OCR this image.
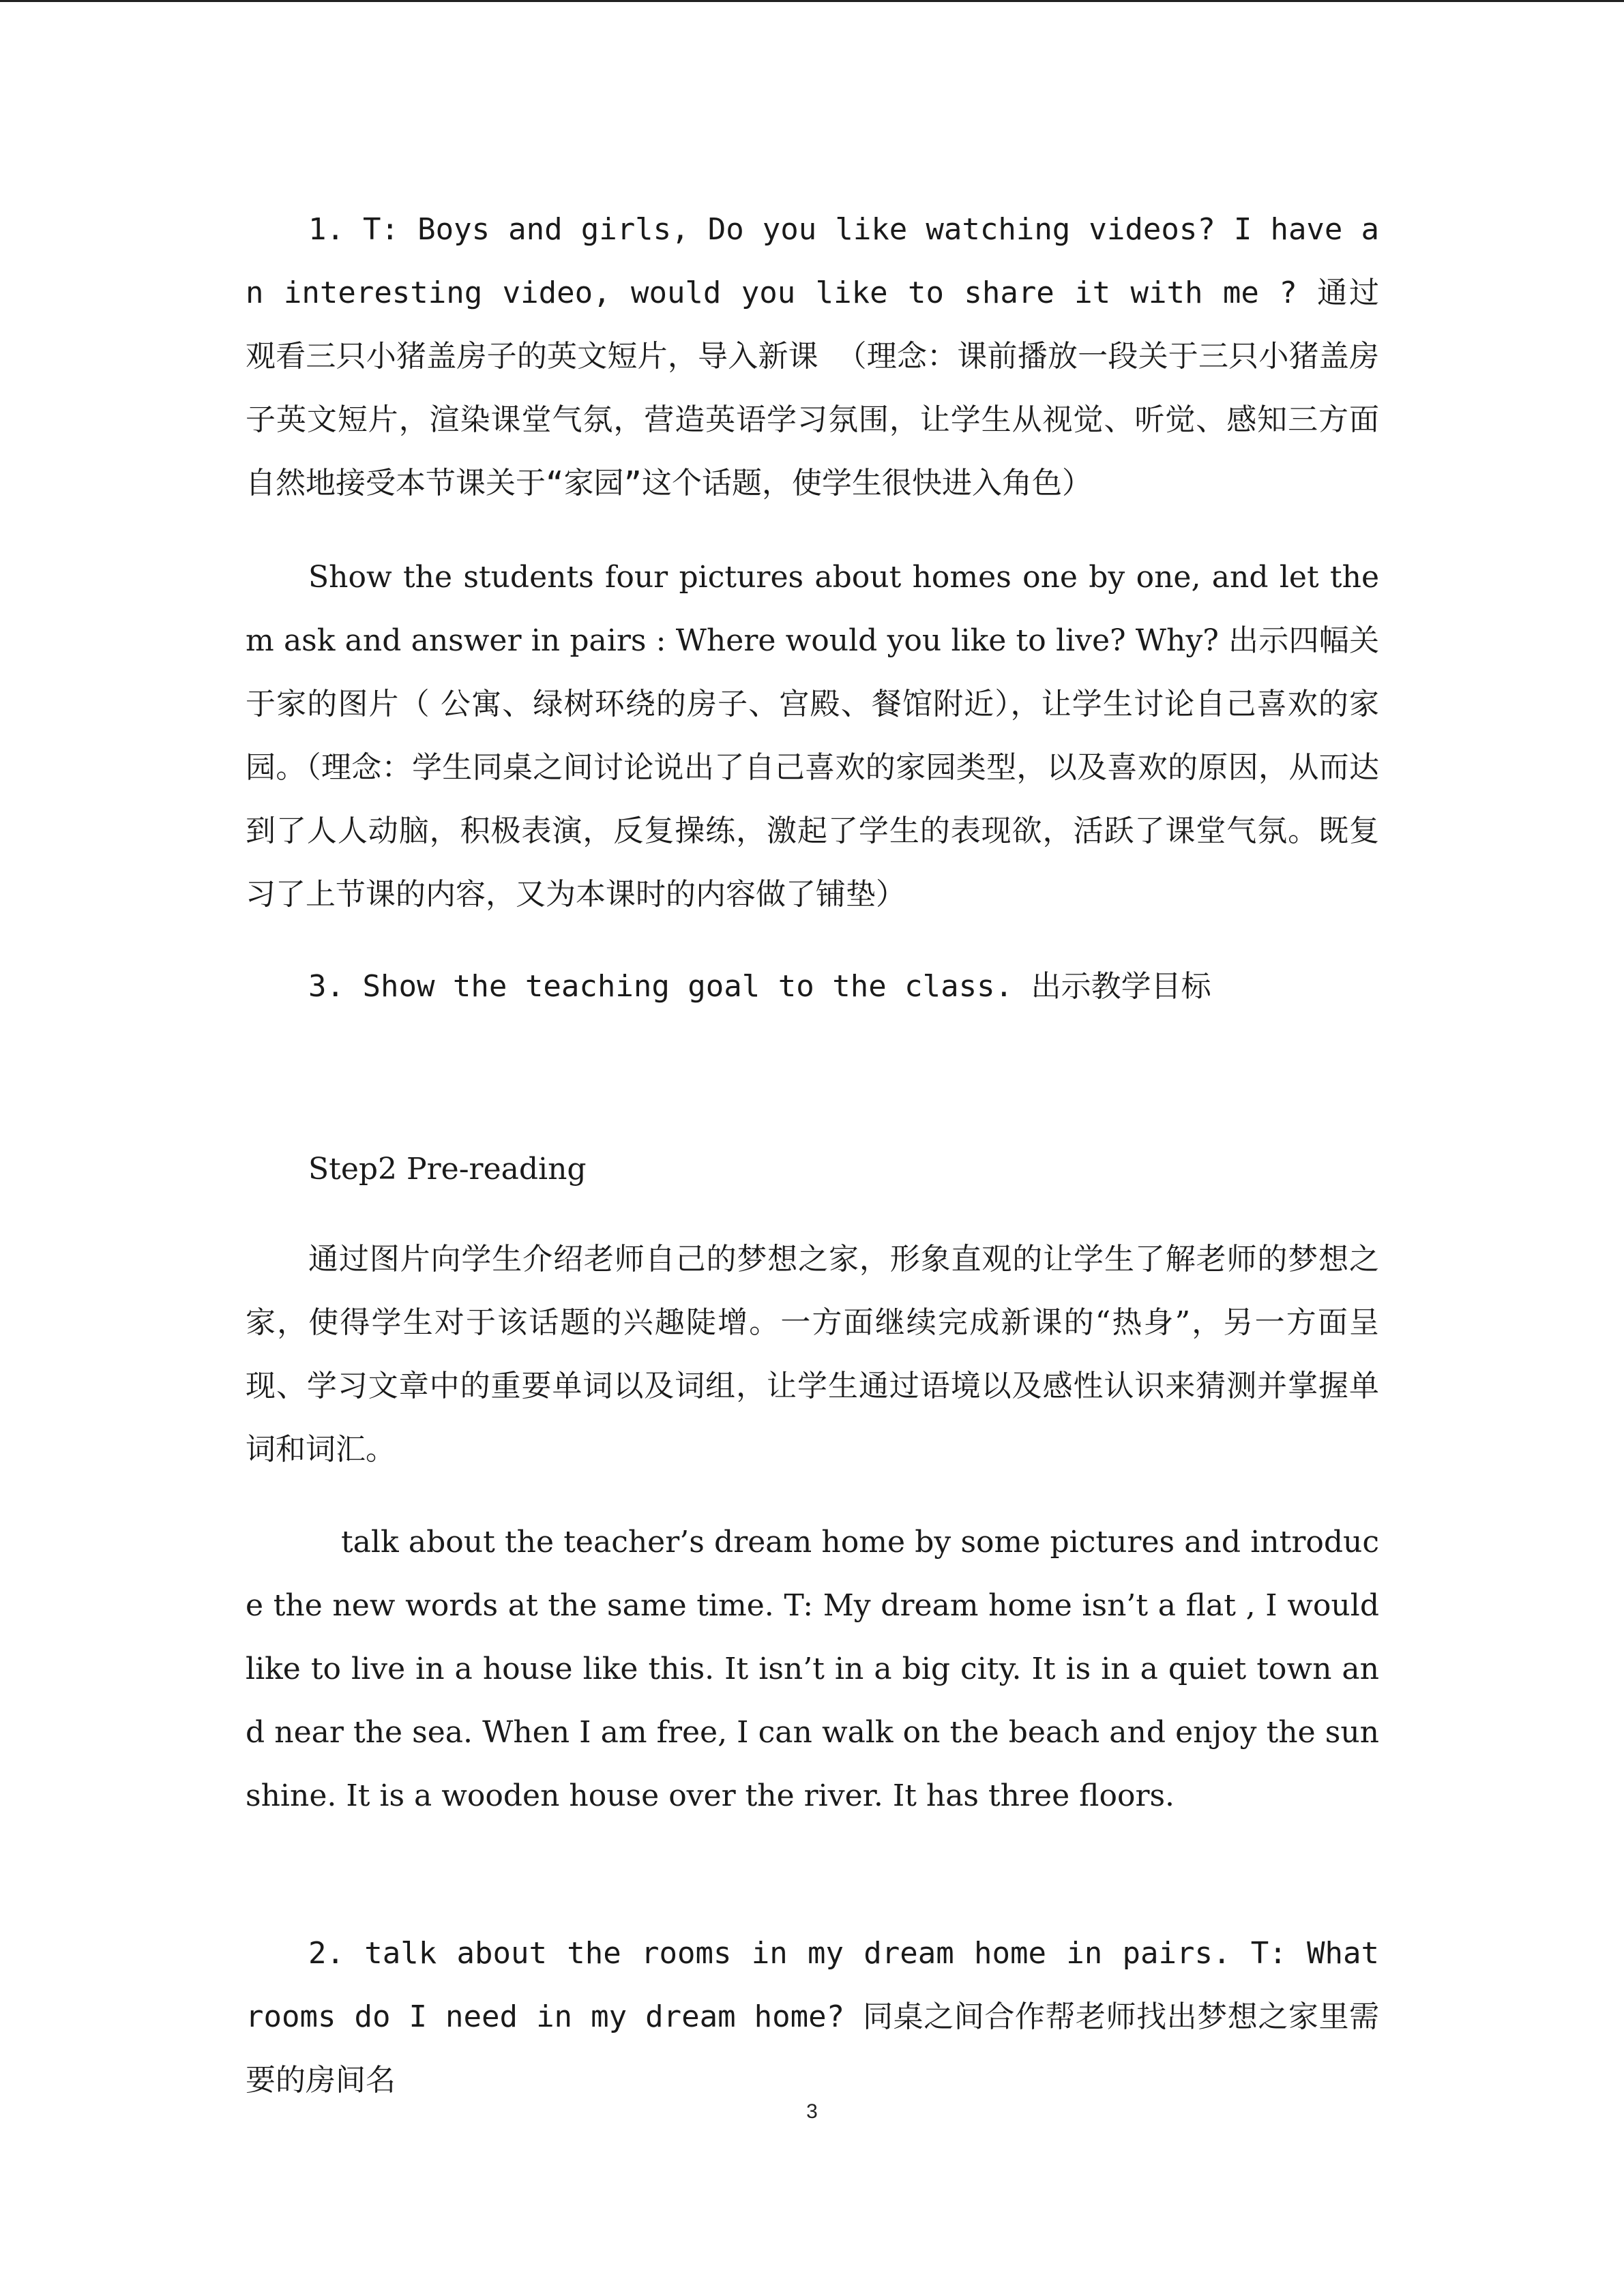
1. T: Boys and girls, Do you like watching videos? I have an interesting video, would you like to share it with me ? 通过观看三只小猪盖房子的英文短片，导入新课 （理念：课前播放一段关于三只小猪盖房子英文短片，渲染课堂气氛，营造英语学习氛围，让学生从视觉、听觉、感知三方面自然地接受本节课关于“家园”这个话题，使学生很快进入角色）

Show the students four pictures about homes one by one, and let them ask and answer in pairs : Where would you like to live? Why? 出示四幅关于家的图片（ 公寓、绿树环绕的房子、宫殿、餐馆附近），让学生讨论自己喜欢的家园。（理念：学生同桌之间讨论说出了自己喜欢的家园类型，以及喜欢的原因，从而达到了人人动脑，积极表演，反复操练，激起了学生的表现欲，活跃了课堂气氛。既复习了上节课的内容，又为本课时的内容做了铺垫）

3. Show the teaching goal to the class. 出示教学目标

Step2 Pre-reading

通过图片向学生介绍老师自己的梦想之家，形象直观的让学生了解老师的梦想之家，使得学生对于该话题的兴趣陡增。一方面继续完成新课的“热身”，另一方面呈现、学习文章中的重要单词以及词组，让学生通过语境以及感性认识来猜测并掌握单词和词汇。

talk about the teacher’s dream home by some pictures and introduce the new words at the same time. T: My dream home isn’t a flat , I would like to live in a house like this. It isn’t in a big city. It is in a quiet town and near the sea. When I am free, I can walk on the beach and enjoy the sunshine. It is a wooden house over the river. It has three floors.

2. talk about the rooms in my dream home in pairs. T: What rooms do I need in my dream home? 同桌之间合作帮老师找出梦想之家里需要的房间名

3
